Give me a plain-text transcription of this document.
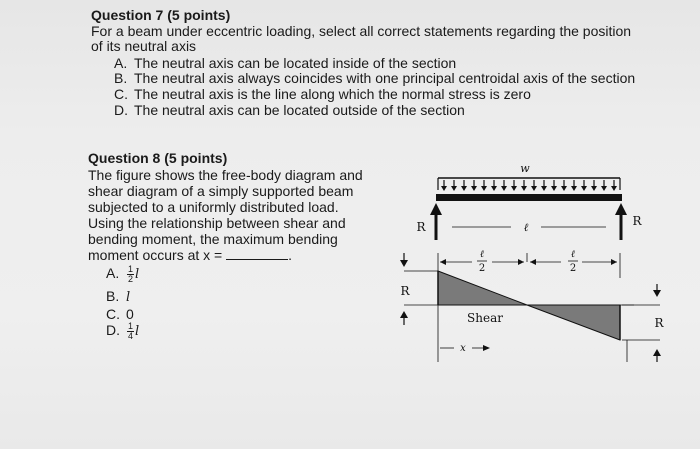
Question 7 (5 points)
For a beam under eccentric loading, select all correct statements regarding the position
of its neutral axis
A. The neutral axis can be located inside of the section
B. The neutral axis always coincides with one principal centroidal axis of the section
C. The neutral axis is the line along which the normal stress is zero
D. The neutral axis can be located outside of the section
Question 8 (5 points)
The figure shows the free-body diagram and
shear diagram of a simply supported beam
subjected to a uniformly distributed load.
Using the relationship between shear and
bending moment, the maximum bending
moment occurs at x =	.
A. $\frac{1}{2}$ l
B. l
C. 0
D. $\frac{1}{4}$ l
w
R	R
ℓ
ℓ
2
ℓ
2
R
R
Shear
x
